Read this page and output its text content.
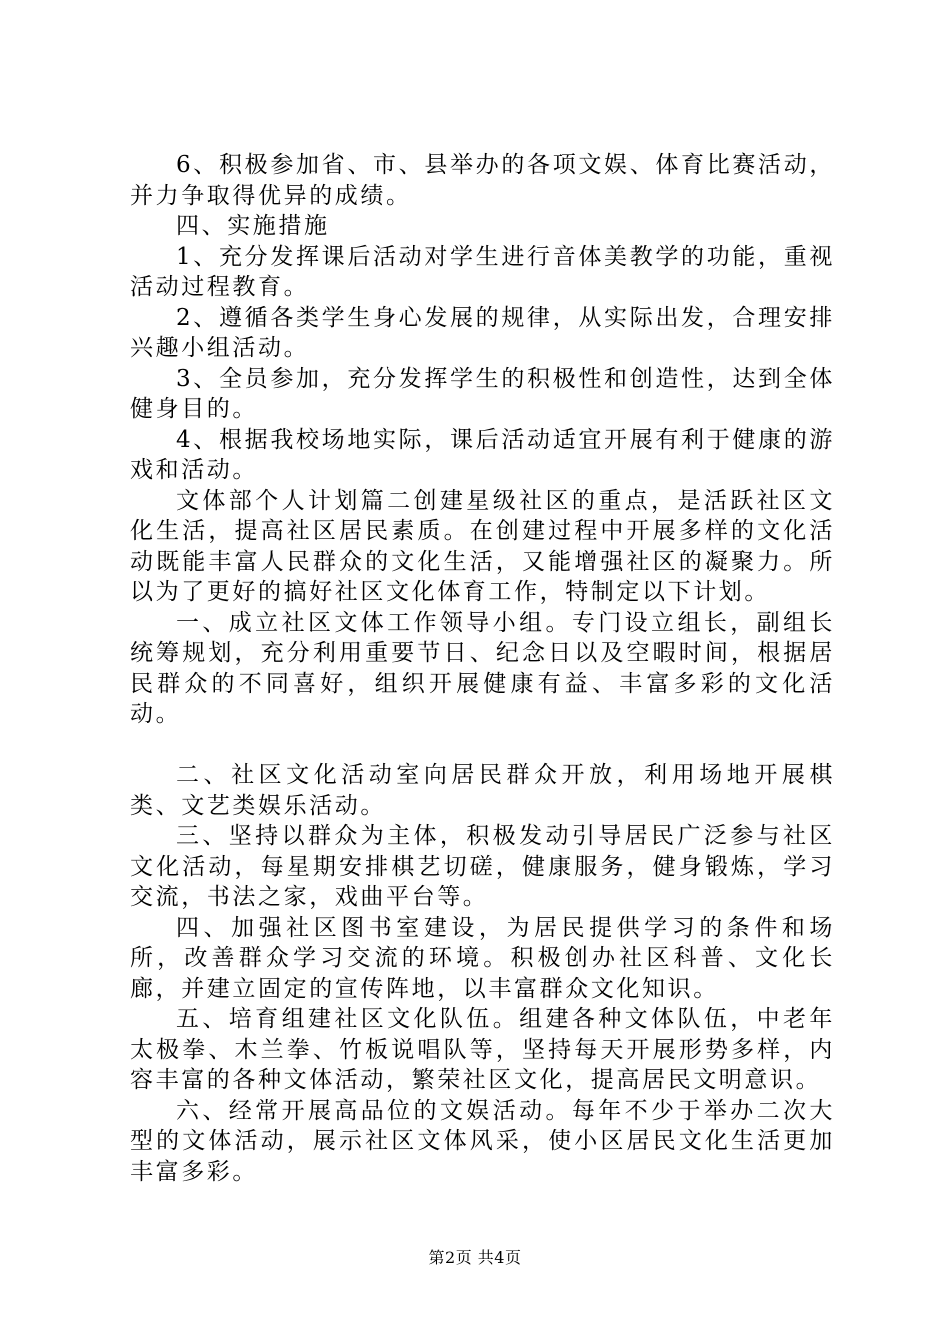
6、积极参加省、市、县举办的各项文娱、体育比赛活动，并力争取得优异的成绩。

四、实施措施

1、充分发挥课后活动对学生进行音体美教学的功能，重视活动过程教育。

2、遵循各类学生身心发展的规律，从实际出发，合理安排兴趣小组活动。

3、全员参加，充分发挥学生的积极性和创造性，达到全体健身目的。

4、根据我校场地实际，课后活动适宜开展有利于健康的游戏和活动。

文体部个人计划篇二创建星级社区的重点，是活跃社区文化生活，提高社区居民素质。在创建过程中开展多样的文化活动既能丰富人民群众的文化生活，又能增强社区的凝聚力。所以为了更好的搞好社区文化体育工作，特制定以下计划。

一、成立社区文体工作领导小组。专门设立组长，副组长统筹规划，充分利用重要节日、纪念日以及空暇时间，根据居民群众的不同喜好，组织开展健康有益、丰富多彩的文化活动。

二、社区文化活动室向居民群众开放，利用场地开展棋类、文艺类娱乐活动。

三、坚持以群众为主体，积极发动引导居民广泛参与社区文化活动，每星期安排棋艺切磋，健康服务，健身锻炼，学习交流，书法之家，戏曲平台等。

四、加强社区图书室建设，为居民提供学习的条件和场所，改善群众学习交流的环境。积极创办社区科普、文化长廊，并建立固定的宣传阵地，以丰富群众文化知识。

五、培育组建社区文化队伍。组建各种文体队伍，中老年太极拳、木兰拳、竹板说唱队等，坚持每天开展形势多样，内容丰富的各种文体活动，繁荣社区文化，提高居民文明意识。

六、经常开展高品位的文娱活动。每年不少于举办二次大型的文体活动，展示社区文体风采，使小区居民文化生活更加丰富多彩。

第2页 共4页
